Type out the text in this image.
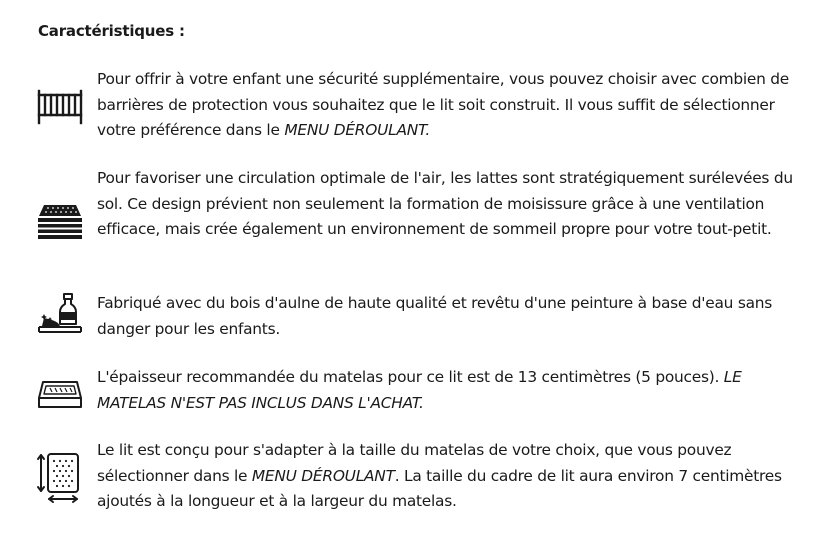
Caractéristiques :
Pour offrir à votre enfant une sécurité supplémentaire, vous pouvez choisir avec combien de barrières de protection vous souhaitez que le lit soit construit. Il vous suffit de sélectionner votre préférence dans le MENU DÉROULANT.
Pour favoriser une circulation optimale de l'air, les lattes sont stratégiquement surélevées du sol. Ce design prévient non seulement la formation de moisissure grâce à une ventilation efficace, mais crée également un environnement de sommeil propre pour votre tout-petit.
Fabriqué avec du bois d'aulne de haute qualité et revêtu d'une peinture à base d'eau sans danger pour les enfants.
L'épaisseur recommandée du matelas pour ce lit est de 13 centimètres (5 pouces). LE MATELAS N'EST PAS INCLUS DANS L'ACHAT.
Le lit est conçu pour s'adapter à la taille du matelas de votre choix, que vous pouvez sélectionner dans le MENU DÉROULANT. La taille du cadre de lit aura environ 7 centimètres ajoutés à la longueur et à la largeur du matelas.
